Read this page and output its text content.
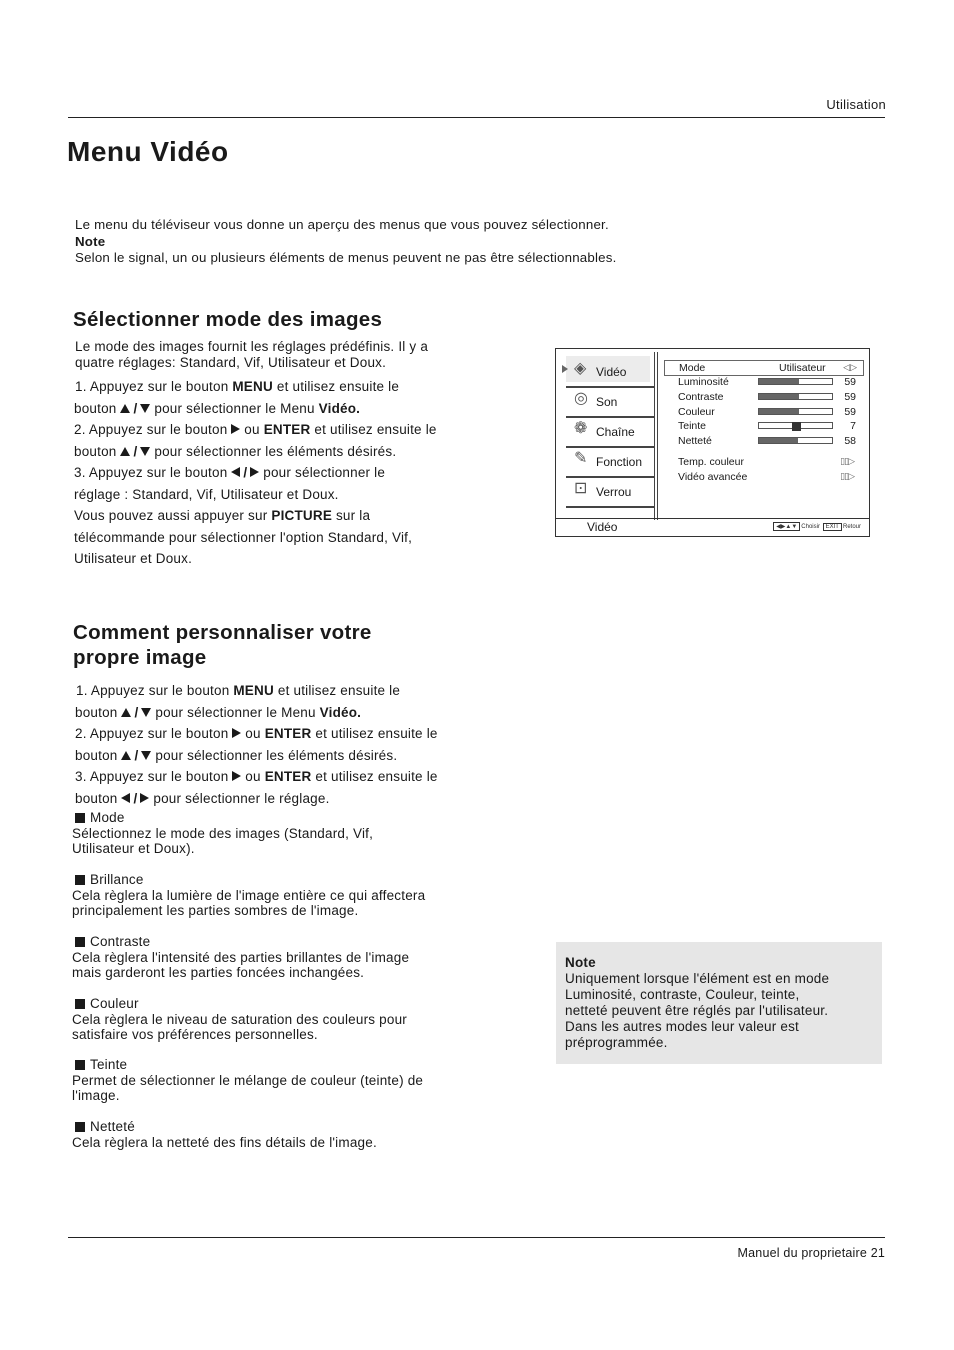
Utilisation
Menu Vidéo
Le menu du téléviseur vous donne un aperçu des menus que vous pouvez sélectionner.
Note
Selon le signal, un ou plusieurs éléments de menus peuvent ne pas être sélectionnables.
Sélectionner mode des images
Le mode des images fournit les réglages prédéfinis. Il y a
quatre réglages: Standard, Vif, Utilisateur et Doux.
1. Appuyez sur le bouton MENU et utilisez ensuite le
bouton / pour sélectionner le Menu Vidéo.
2. Appuyez sur le bouton  ou ENTER et utilisez ensuite le
bouton / pour sélectionner les éléments désirés.
3. Appuyez sur le bouton / pour sélectionner le
réglage : Standard, Vif, Utilisateur et Doux.
Vous pouvez aussi appuyer sur PICTURE sur la
télécommande pour sélectionner l'option Standard, Vif,
Utilisateur et Doux.
◈ Vidéo
◎ Son
❁ Chaîne
✎ Fonction
⊡ Verrou
Mode	Utilisateur ◁▷
Temp. couleur	▯▯▷
Vidéo avancée	▯▯▷
Luminosité	59
Contraste	59
Couleur	59
Teinte	7
Netteté	58
Vidéo	◀▶▲▼ Choisir EXIT Retour
Comment personnaliser votre
propre image
1. Appuyez sur le bouton MENU et utilisez ensuite le
bouton / pour sélectionner le Menu Vidéo.
2. Appuyez sur le bouton  ou ENTER et utilisez ensuite le
bouton / pour sélectionner les éléments désirés.
3. Appuyez sur le bouton  ou ENTER et utilisez ensuite le
bouton / pour sélectionner le réglage.
Mode
Sélectionnez le mode des images (Standard, Vif,
Utilisateur et Doux).
Brillance
Cela règlera la lumière de l'image entière ce qui affectera
principalement les parties sombres de l'image.
Contraste
Cela règlera l'intensité des parties brillantes de l'image
mais garderont les parties foncées inchangées.
Couleur
Cela règlera le niveau de saturation des couleurs pour
satisfaire vos préférences personnelles.
Teinte
Permet de sélectionner le mélange de couleur (teinte) de
l'image.
Netteté
Cela règlera la netteté des fins détails de l'image.
Note
Uniquement lorsque l'élément est en mode
Luminosité, contraste, Couleur, teinte,
netteté peuvent être réglés par l'utilisateur.
Dans les autres modes leur valeur est
préprogrammée.
Manuel du proprietaire 21
